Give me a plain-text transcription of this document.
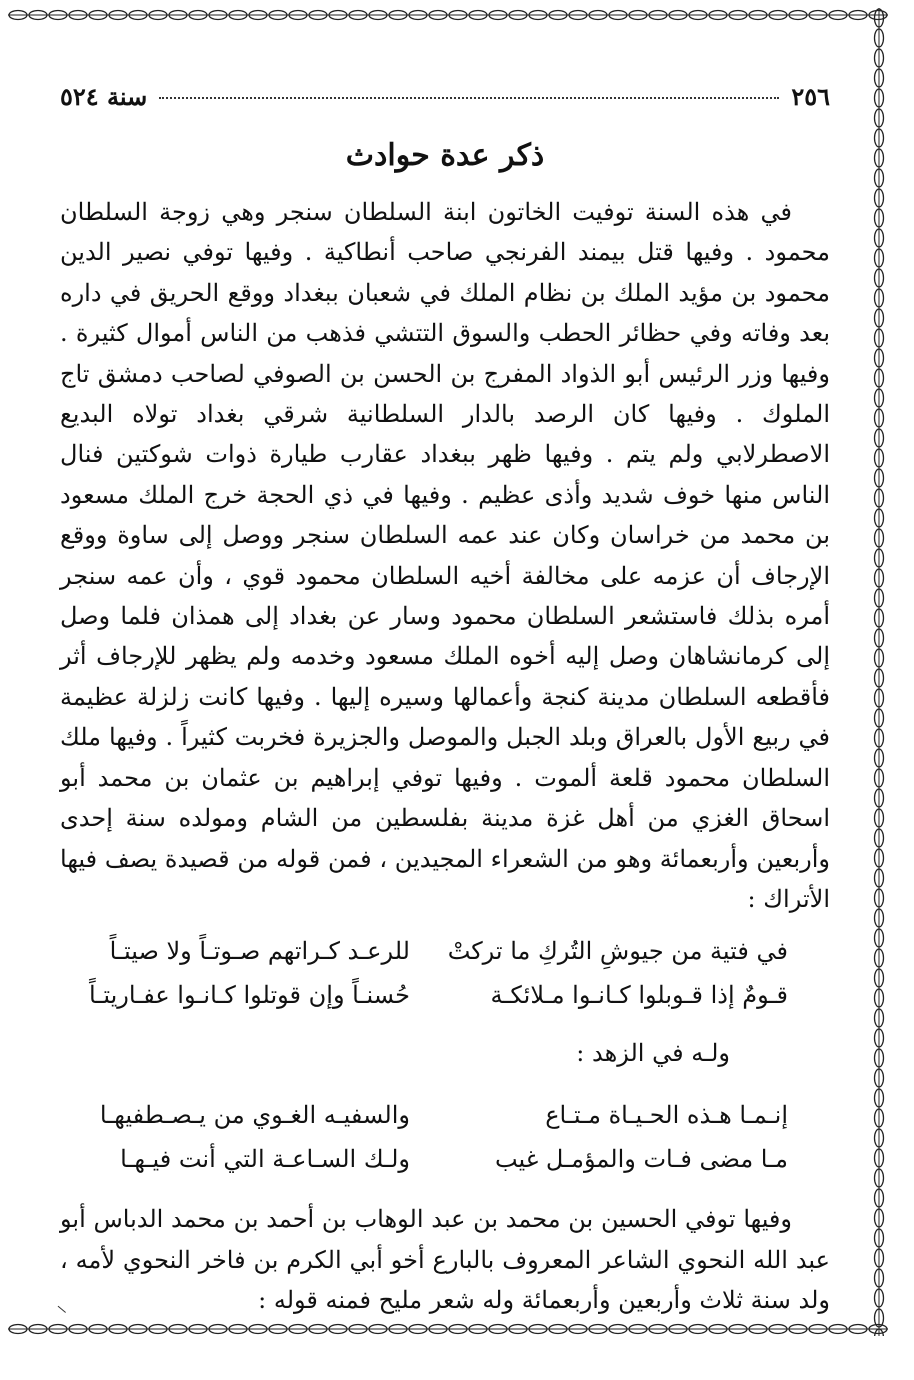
٢٥٦
سنة ٥٢٤
ذكر عدة حوادث

في هذه السنة توفيت الخاتون ابنة السلطان سنجر وهي زوجة السلطان محمود . وفيها قتل بيمند الفرنجي صاحب أنطاكية . وفيها توفي نصير الدين محمود بن مؤيد الملك بن نظام الملك في شعبان ببغداد ووقع الحريق في داره بعد وفاته وفي حظائر الحطب والسوق التتشي فذهب من الناس أموال كثيرة . وفيها وزر الرئيس أبو الذواد المفرج بن الحسن بن الصوفي لصاحب دمشق تاج الملوك . وفيها كان الرصد بالدار السلطانية شرقي بغداد تولاه البديع الاصطرلابي ولم يتم . وفيها ظهر ببغداد عقارب طيارة ذوات شوكتين فنال الناس منها خوف شديد وأذى عظيم . وفيها في ذي الحجة خرج الملك مسعود بن محمد من خراسان وكان عند عمه السلطان سنجر ووصل إلى ساوة ووقع الإرجاف أن عزمه على مخالفة أخيه السلطان محمود قوي ، وأن عمه سنجر أمره بذلك فاستشعر السلطان محمود وسار عن بغداد إلى همذان فلما وصل إلى كرمانشاهان وصل إليه أخوه الملك مسعود وخدمه ولم يظهر للإرجاف أثر فأقطعه السلطان مدينة كنجة وأعمالها وسيره إليها . وفيها كانت زلزلة عظيمة في ربيع الأول بالعراق وبلد الجبل والموصل والجزيرة فخربت كثيراً . وفيها ملك السلطان محمود قلعة ألموت . وفيها توفي إبراهيم بن عثمان بن محمد أبو اسحاق الغزي من أهل غزة مدينة بفلسطين من الشام ومولده سنة إحدى وأربعين وأربعمائة وهو من الشعراء المجيدين ، فمن قوله من قصيدة يصف فيها الأتراك :

في فتية من جيوشِ التُركِ ما تركتْ
للرعـد كـراتهم صـوتـاً ولا صيتـاً
قـومٌ إذا قـوبلوا كـانـوا مـلائكـة
حُسنـاً وإن قوتلوا كـانـوا عفـاريتـاً
ولـه في الزهد :
إنـمـا هـذه الحـيـاة مـتـاع
والسفيـه الغـوي من يـصـطفيهـا
مـا مضى فـات والمؤمـل غيب
ولـك السـاعـة التي أنت فيـهـا

وفيها توفي الحسين بن محمد بن عبد الوهاب بن أحمد بن محمد الدباس أبو عبد الله النحوي الشاعر المعروف بالبارع أخو أبي الكرم بن فاخر النحوي لأمه ، ولد سنة ثلاث وأربعين وأربعمائة وله شعر مليح فمنه قوله :
